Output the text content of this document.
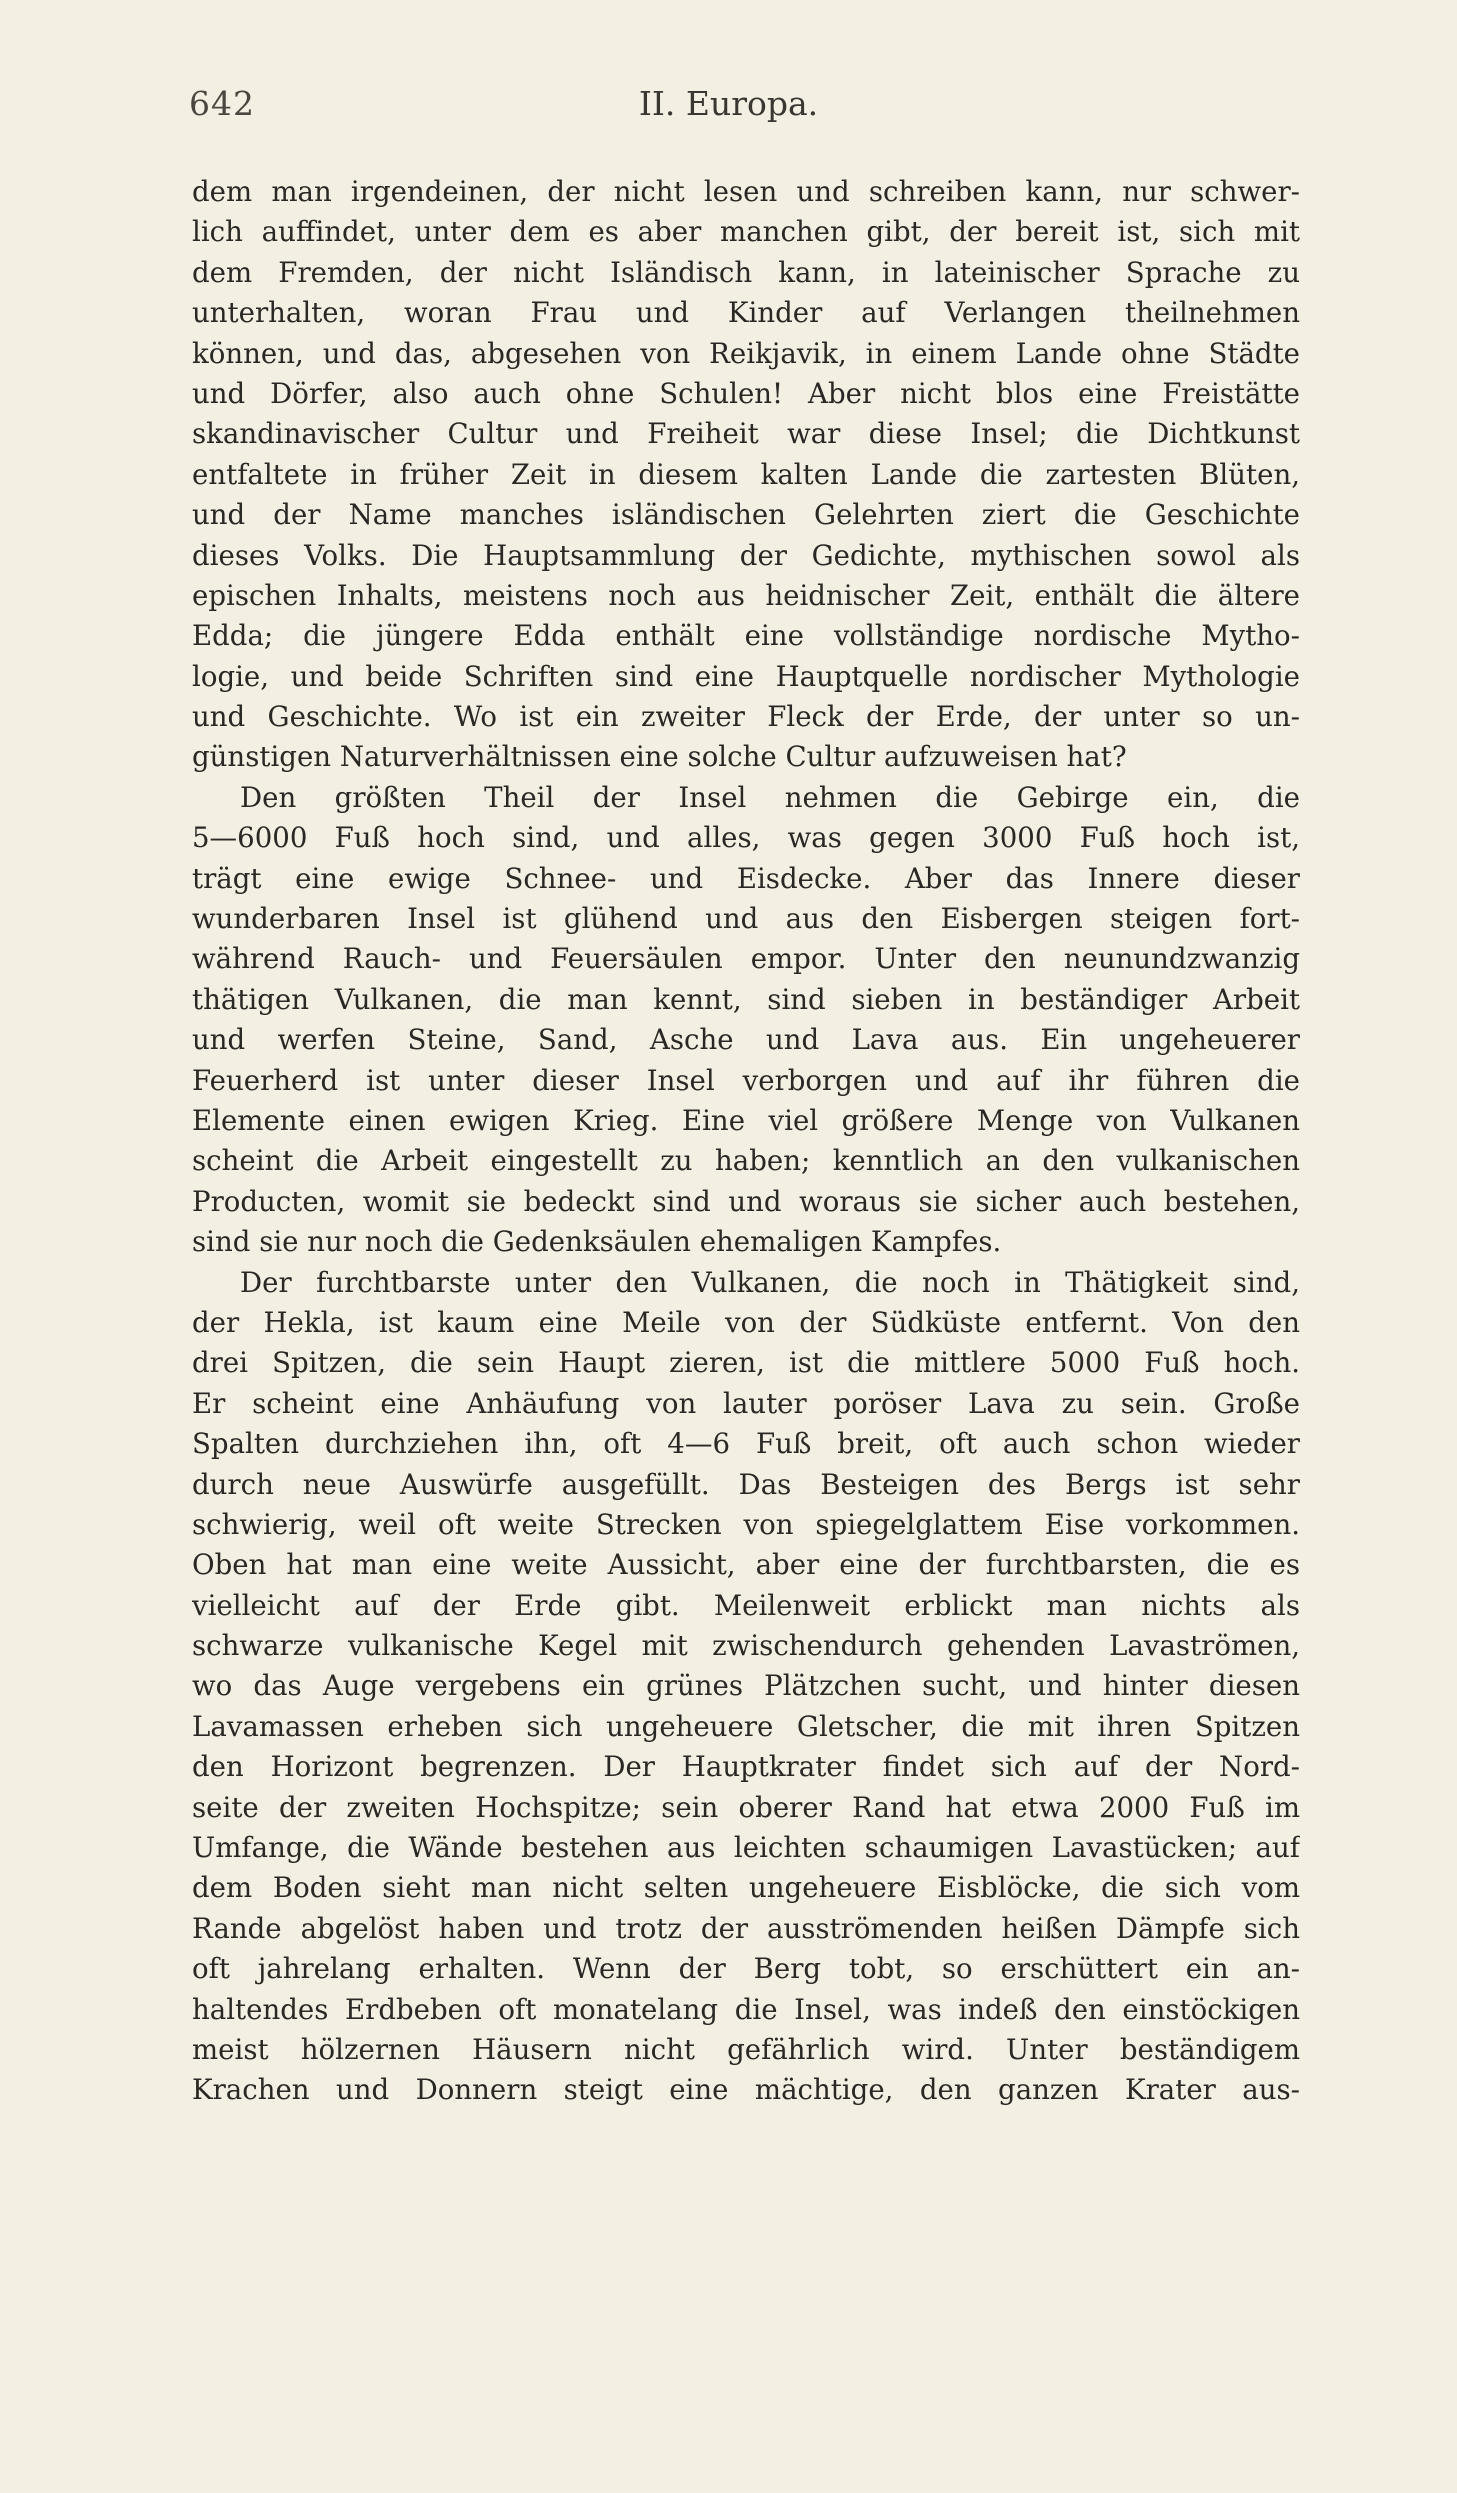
642	II. Europa.
dem man irgendeinen, der nicht lesen und schreiben kann, nur schwer-
lich auffindet, unter dem es aber manchen gibt, der bereit ist, sich mit
dem Fremden, der nicht Isländisch kann, in lateinischer Sprache zu
unterhalten, woran Frau und Kinder auf Verlangen theilnehmen
können, und das, abgesehen von Reikjavik, in einem Lande ohne Städte
und Dörfer, also auch ohne Schulen! Aber nicht blos eine Freistätte
skandinavischer Cultur und Freiheit war diese Insel; die Dichtkunst
entfaltete in früher Zeit in diesem kalten Lande die zartesten Blüten,
und der Name manches isländischen Gelehrten ziert die Geschichte
dieses Volks. Die Hauptsammlung der Gedichte, mythischen sowol als
epischen Inhalts, meistens noch aus heidnischer Zeit, enthält die ältere
Edda; die jüngere Edda enthält eine vollständige nordische Mytho-
logie, und beide Schriften sind eine Hauptquelle nordischer Mythologie
und Geschichte. Wo ist ein zweiter Fleck der Erde, der unter so un-
günstigen Naturverhältnissen eine solche Cultur aufzuweisen hat?
Den größten Theil der Insel nehmen die Gebirge ein, die
5—6000 Fuß hoch sind, und alles, was gegen 3000 Fuß hoch ist,
trägt eine ewige Schnee- und Eisdecke. Aber das Innere dieser
wunderbaren Insel ist glühend und aus den Eisbergen steigen fort-
während Rauch- und Feuersäulen empor. Unter den neunundzwanzig
thätigen Vulkanen, die man kennt, sind sieben in beständiger Arbeit
und werfen Steine, Sand, Asche und Lava aus. Ein ungeheuerer
Feuerherd ist unter dieser Insel verborgen und auf ihr führen die
Elemente einen ewigen Krieg. Eine viel größere Menge von Vulkanen
scheint die Arbeit eingestellt zu haben; kenntlich an den vulkanischen
Producten, womit sie bedeckt sind und woraus sie sicher auch bestehen,
sind sie nur noch die Gedenksäulen ehemaligen Kampfes.
Der furchtbarste unter den Vulkanen, die noch in Thätigkeit sind,
der Hekla, ist kaum eine Meile von der Südküste entfernt. Von den
drei Spitzen, die sein Haupt zieren, ist die mittlere 5000 Fuß hoch.
Er scheint eine Anhäufung von lauter poröser Lava zu sein. Große
Spalten durchziehen ihn, oft 4—6 Fuß breit, oft auch schon wieder
durch neue Auswürfe ausgefüllt. Das Besteigen des Bergs ist sehr
schwierig, weil oft weite Strecken von spiegelglattem Eise vorkommen.
Oben hat man eine weite Aussicht, aber eine der furchtbarsten, die es
vielleicht auf der Erde gibt. Meilenweit erblickt man nichts als
schwarze vulkanische Kegel mit zwischendurch gehenden Lavaströmen,
wo das Auge vergebens ein grünes Plätzchen sucht, und hinter diesen
Lavamassen erheben sich ungeheuere Gletscher, die mit ihren Spitzen
den Horizont begrenzen. Der Hauptkrater findet sich auf der Nord-
seite der zweiten Hochspitze; sein oberer Rand hat etwa 2000 Fuß im
Umfange, die Wände bestehen aus leichten schaumigen Lavastücken; auf
dem Boden sieht man nicht selten ungeheuere Eisblöcke, die sich vom
Rande abgelöst haben und trotz der ausströmenden heißen Dämpfe sich
oft jahrelang erhalten. Wenn der Berg tobt, so erschüttert ein an-
haltendes Erdbeben oft monatelang die Insel, was indeß den einstöckigen
meist hölzernen Häusern nicht gefährlich wird. Unter beständigem
Krachen und Donnern steigt eine mächtige, den ganzen Krater aus-
